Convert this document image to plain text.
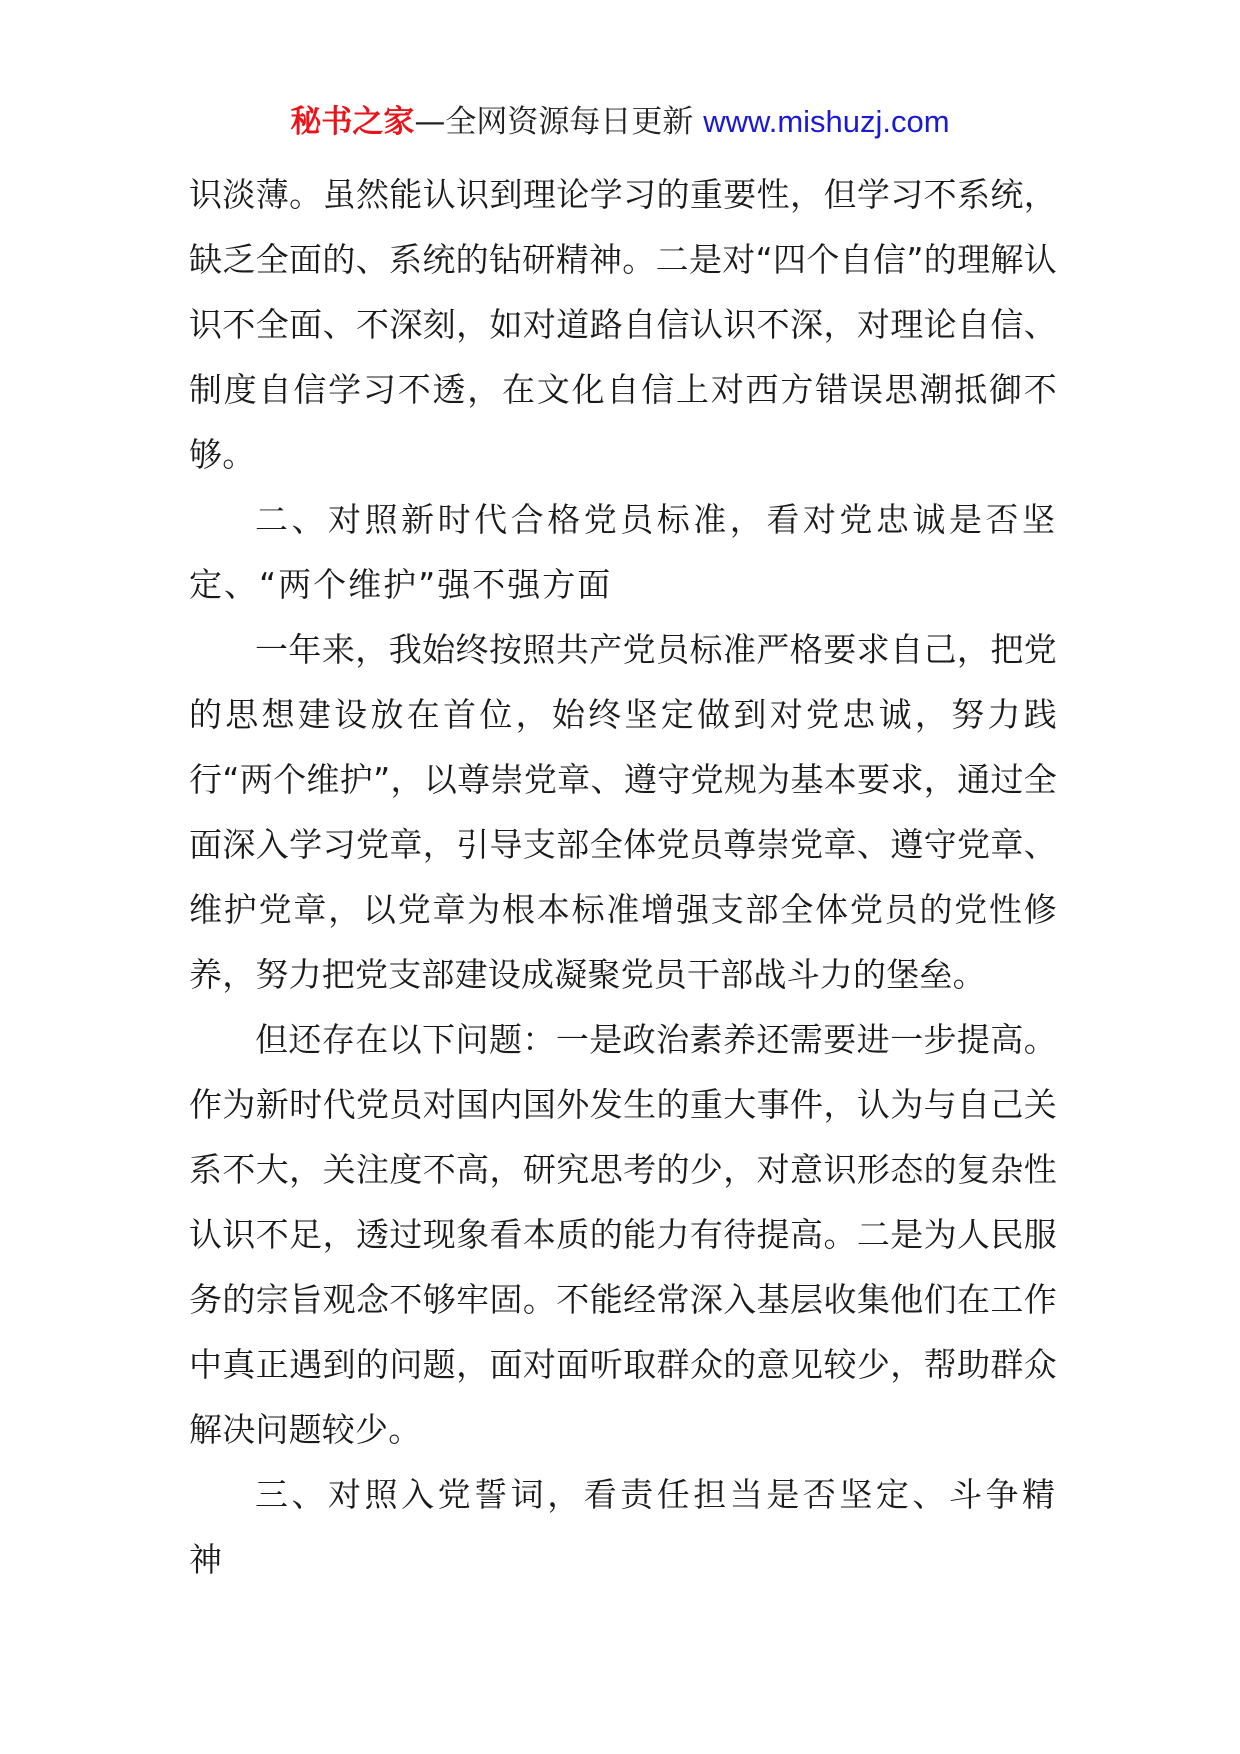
秘书之家—全网资源每日更新 www.mishuzj.com

识淡薄。虽然能认识到理论学习的重要性，但学习不系统，缺乏全面的、系统的钻研精神。二是对“四个自信”的理解认识不全面、不深刻，如对道路自信认识不深，对理论自信、制度自信学习不透，在文化自信上对西方错误思潮抵御不够。

二、对照新时代合格党员标准，看对党忠诚是否坚定、“两个维护”强不强方面

一年来，我始终按照共产党员标准严格要求自己，把党的思想建设放在首位，始终坚定做到对党忠诚，努力践行“两个维护”，以尊崇党章、遵守党规为基本要求，通过全面深入学习党章，引导支部全体党员尊崇党章、遵守党章、维护党章，以党章为根本标准增强支部全体党员的党性修养，努力把党支部建设成凝聚党员干部战斗力的堡垒。

但还存在以下问题：一是政治素养还需要进一步提高。作为新时代党员对国内国外发生的重大事件，认为与自己关系不大，关注度不高，研究思考的少，对意识形态的复杂性认识不足，透过现象看本质的能力有待提高。二是为人民服务的宗旨观念不够牢固。不能经常深入基层收集他们在工作中真正遇到的问题，面对面听取群众的意见较少，帮助群众解决问题较少。

三、对照入党誓词，看责任担当是否坚定、斗争精神
